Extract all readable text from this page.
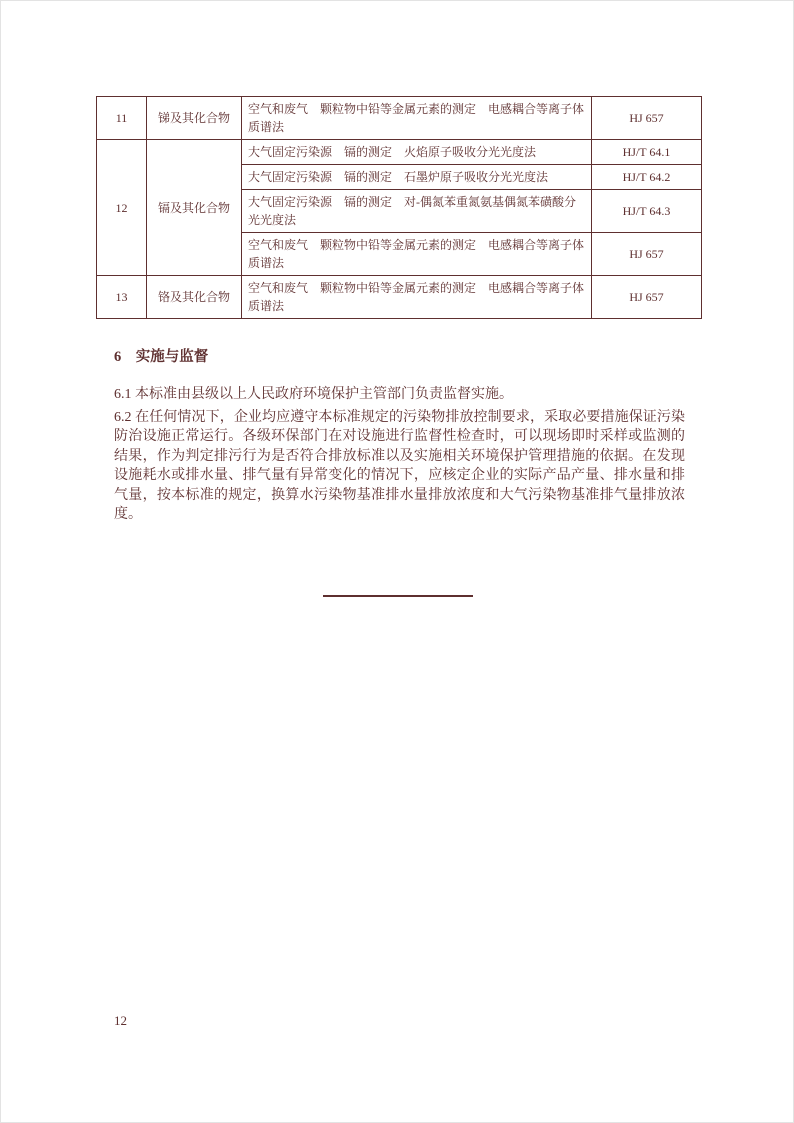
11	锑及其化合物	空气和废气　颗粒物中铅等金属元素的测定　电感耦合等离子体质谱法	HJ 657
12	镉及其化合物	大气固定污染源　镉的测定　火焰原子吸收分光光度法	HJ/T 64.1
		大气固定污染源　镉的测定　石墨炉原子吸收分光光度法	HJ/T 64.2
		大气固定污染源　镉的测定　对-偶氮苯重氮氨基偶氮苯磺酸分光光度法	HJ/T 64.3
		空气和废气　颗粒物中铅等金属元素的测定　电感耦合等离子体质谱法	HJ 657
13	铬及其化合物	空气和废气　颗粒物中铅等金属元素的测定　电感耦合等离子体质谱法	HJ 657
6　实施与监督

6.1 本标准由县级以上人民政府环境保护主管部门负责监督实施。

6.2 在任何情况下，企业均应遵守本标准规定的污染物排放控制要求，采取必要措施保证污染防治设施正常运行。各级环保部门在对设施进行监督性检查时，可以现场即时采样或监测的结果，作为判定排污行为是否符合排放标准以及实施相关环境保护管理措施的依据。在发现设施耗水或排水量、排气量有异常变化的情况下，应核定企业的实际产品产量、排水量和排气量，按本标准的规定，换算水污染物基准排水量排放浓度和大气污染物基准排气量排放浓度。

12
